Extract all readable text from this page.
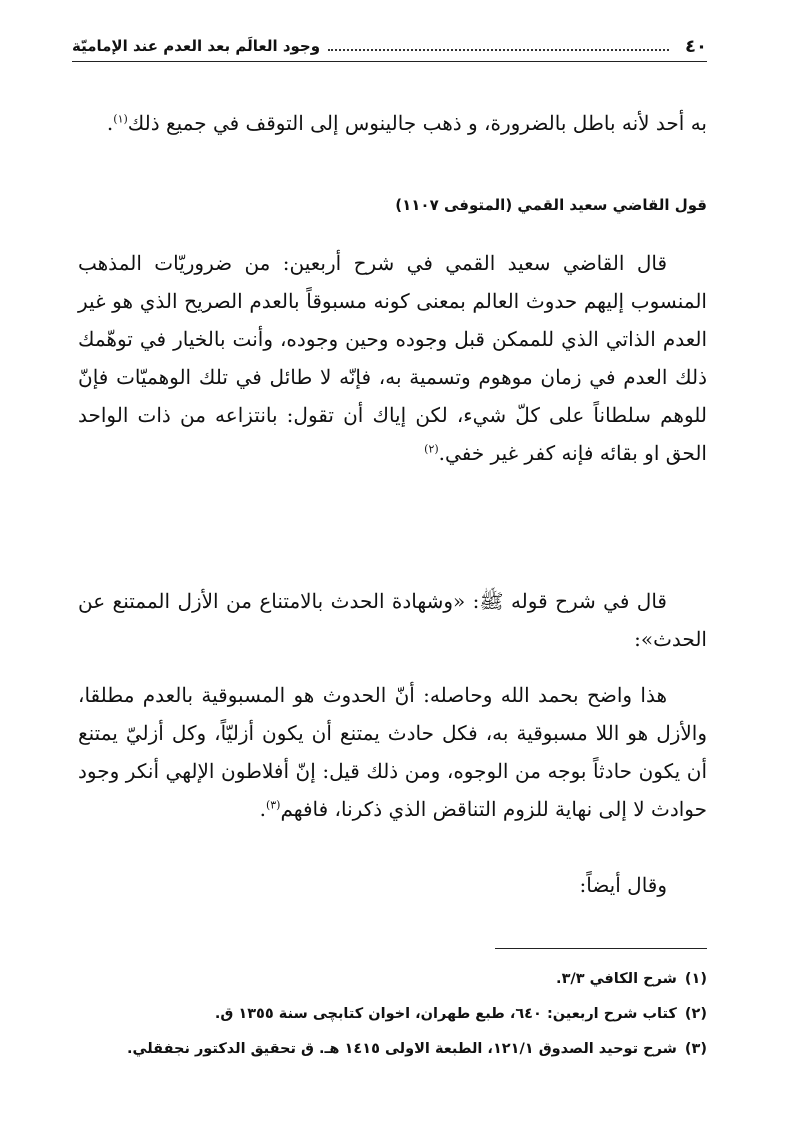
٤٠
وجود العالَم بعد العدم عند الإماميّة
به أحد لأنه باطل بالضرورة، و ذهب جالينوس إلى التوقف في جميع ذلك$^{(١)}$.
قول القاضي سعيد القمي (المتوفى ١١٠٧)
قال القاضي سعيد القمي في شرح أربعين: من ضروريّات المذهب المنسوب إليهم حدوث العالم بمعنى كونه مسبوقاً بالعدم الصريح الذي هو غير العدم الذاتي الذي للممكن قبل وجوده وحين وجوده، وأنت بالخيار في توهّمك ذلك العدم في زمان موهوم وتسمية به، فإنّه لا طائل في تلك الوهميّات فإنّ للوهم سلطاناً على كلّ شيء، لكن إياك أن تقول: بانتزاعه من ذات الواحد الحق او بقائه فإنه كفر غير خفي.$^{(٢)}$
قال في شرح قوله ﷺ: «وشهادة الحدث بالامتناع من الأزل الممتنع عن الحدث»:
هذا واضح بحمد الله وحاصله: أنّ الحدوث هو المسبوقية بالعدم مطلقا، والأزل هو اللا مسبوقية به، فكل حادث يمتنع أن يكون أزليّاً، وكل أزليّ يمتنع أن يكون حادثاً بوجه من الوجوه، ومن ذلك قيل: إنّ أفلاطون الإلهي أنكر وجود حوادث لا إلى نهاية للزوم التناقض الذي ذكرنا، فافهم$^{(٣)}$.
وقال أيضاً:
(١)شرح الكافي ٣/٣.
(٢)كتاب شرح اربعين: ٦٤٠، طبع طهران، اخوان كتابچى سنة ١٣٥٥ ق.
(٣)شرح توحيد الصدوق ١٢١/١، الطبعة الاولى ١٤١٥ هـ. ق تحقيق الدكتور نجفقلي.
